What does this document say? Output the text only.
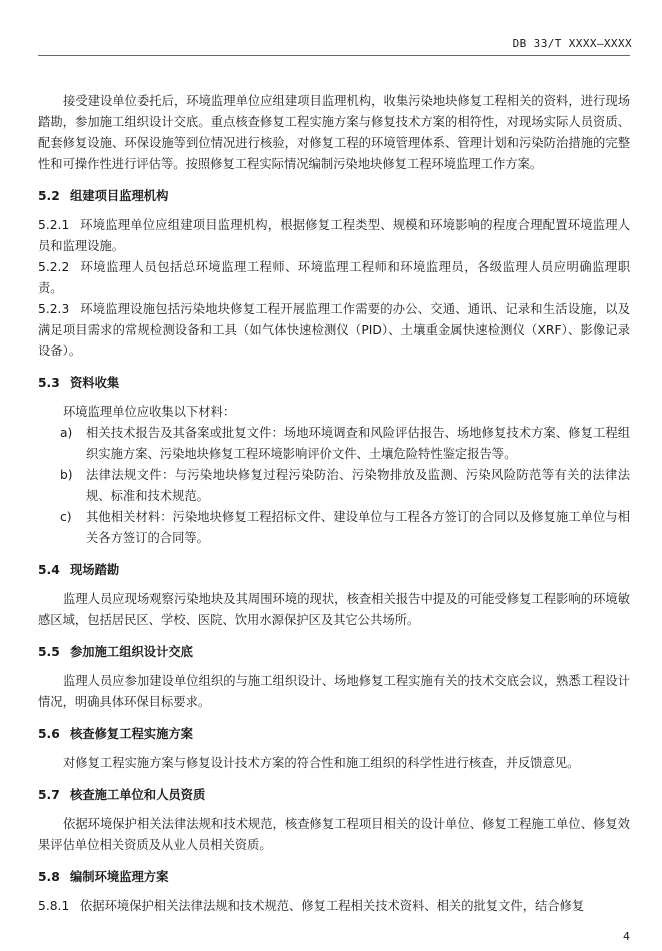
DB 33/T XXXX—XXXX

接受建设单位委托后，环境监理单位应组建项目监理机构，收集污染地块修复工程相关的资料，进行现场踏勘，参加施工组织设计交底。重点核查修复工程实施方案与修复技术方案的相符性，对现场实际人员资质、配套修复设施、环保设施等到位情况进行核验，对修复工程的环境管理体系、管理计划和污染防治措施的完整性和可操作性进行评估等。按照修复工程实际情况编制污染地块修复工程环境监理工作方案。

5.2 组建项目监理机构

5.2.1 环境监理单位应组建项目监理机构，根据修复工程类型、规模和环境影响的程度合理配置环境监理人员和监理设施。

5.2.2 环境监理人员包括总环境监理工程师、环境监理工程师和环境监理员，各级监理人员应明确监理职责。

5.2.3 环境监理设施包括污染地块修复工程开展监理工作需要的办公、交通、通讯、记录和生活设施，以及满足项目需求的常规检测设备和工具（如气体快速检测仪（PID）、土壤重金属快速检测仪（XRF）、影像记录设备）。

5.3 资料收集

环境监理单位应收集以下材料：

a) 相关技术报告及其备案或批复文件：场地环境调查和风险评估报告、场地修复技术方案、修复工程组织实施方案、污染地块修复工程环境影响评价文件、土壤危险特性鉴定报告等。
b) 法律法规文件：与污染地块修复过程污染防治、污染物排放及监测、污染风险防范等有关的法律法规、标准和技术规范。
c) 其他相关材料：污染地块修复工程招标文件、建设单位与工程各方签订的合同以及修复施工单位与相关各方签订的合同等。
5.4 现场踏勘

监理人员应现场观察污染地块及其周围环境的现状，核查相关报告中提及的可能受修复工程影响的环境敏感区域，包括居民区、学校、医院、饮用水源保护区及其它公共场所。

5.5 参加施工组织设计交底

监理人员应参加建设单位组织的与施工组织设计、场地修复工程实施有关的技术交底会议，熟悉工程设计情况，明确具体环保目标要求。

5.6 核查修复工程实施方案

对修复工程实施方案与修复设计技术方案的符合性和施工组织的科学性进行核查，并反馈意见。

5.7 核查施工单位和人员资质

依据环境保护相关法律法规和技术规范，核查修复工程项目相关的设计单位、修复工程施工单位、修复效果评估单位相关资质及从业人员相关资质。

5.8 编制环境监理方案

5.8.1 依据环境保护相关法律法规和技术规范、修复工程相关技术资料、相关的批复文件，结合修复

4
